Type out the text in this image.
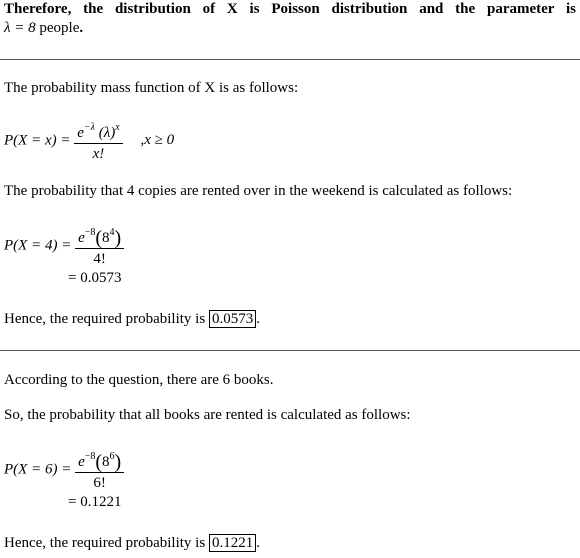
Therefore, the distribution of X is Poisson distribution and the parameter is
λ = 8 people.
The probability mass function of X is as follows:
$P(X = x) = \frac{e^{-\lambda} (\lambda)^x}{x!} ,x \ge 0$
The probability that 4 copies are rented over in the weekend is calculated as follows:
$P(X = 4) = \frac{e^{-8}(8^4)}{4!}$
= 0.0573
Hence, the required probability is 0.0573 .
According to the question, there are 6 books.
So, the probability that all books are rented is calculated as follows:
$P(X = 6) = \frac{e^{-8}(8^6)}{6!}$
= 0.1221
Hence, the required probability is 0.1221 .
